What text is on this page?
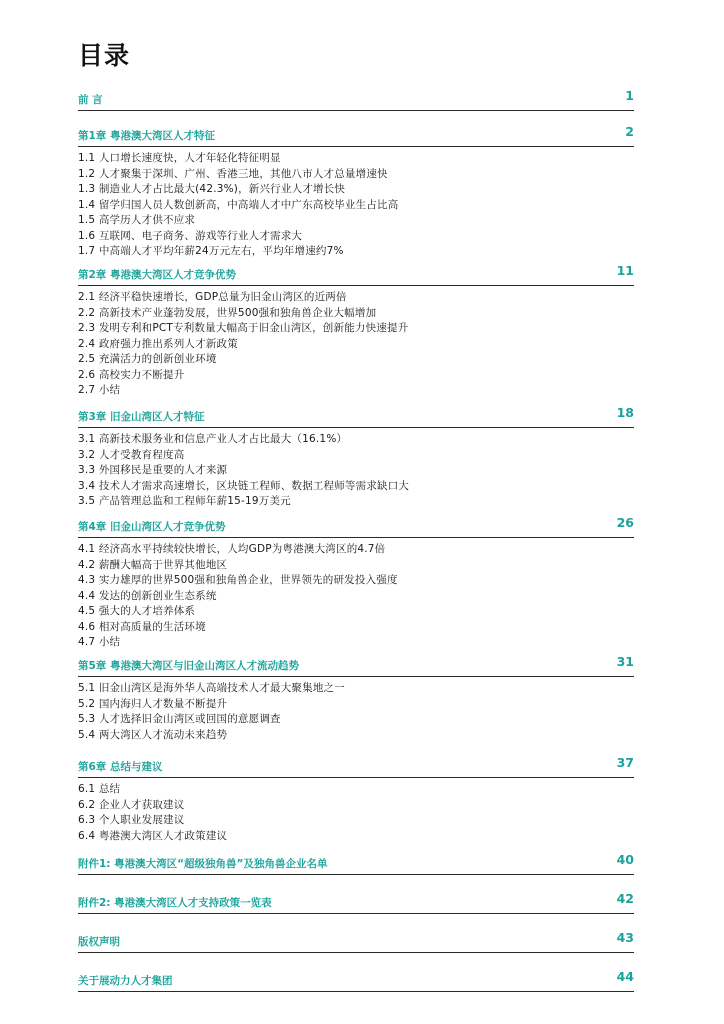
目录
前 言	1
第1章 粤港澳大湾区人才特征	2
1.1 人口增长速度快，人才年轻化特征明显
1.2 人才聚集于深圳、广州、香港三地，其他八市人才总量增速快
1.3 制造业人才占比最大(42.3%)，新兴行业人才增长快
1.4 留学归国人员人数创新高，中高端人才中广东高校毕业生占比高
1.5 高学历人才供不应求
1.6 互联网、电子商务、游戏等行业人才需求大
1.7 中高端人才平均年薪24万元左右，平均年增速约7%
第2章 粤港澳大湾区人才竞争优势	11
2.1 经济平稳快速增长，GDP总量为旧金山湾区的近两倍
2.2 高新技术产业蓬勃发展，世界500强和独角兽企业大幅增加
2.3 发明专利和PCT专利数量大幅高于旧金山湾区，创新能力快速提升
2.4 政府强力推出系列人才新政策
2.5 充满活力的创新创业环境
2.6 高校实力不断提升
2.7 小结
第3章 旧金山湾区人才特征	18
3.1 高新技术服务业和信息产业人才占比最大（16.1%）
3.2 人才受教育程度高
3.3 外国移民是重要的人才来源
3.4 技术人才需求高速增长，区块链工程师、数据工程师等需求缺口大
3.5 产品管理总监和工程师年薪15-19万美元
第4章 旧金山湾区人才竞争优势	26
4.1 经济高水平持续较快增长，人均GDP为粤港澳大湾区的4.7倍
4.2 薪酬大幅高于世界其他地区
4.3 实力雄厚的世界500强和独角兽企业，世界领先的研发投入强度
4.4 发达的创新创业生态系统
4.5 强大的人才培养体系
4.6 相对高质量的生活环境
4.7 小结
第5章 粤港澳大湾区与旧金山湾区人才流动趋势	31
5.1 旧金山湾区是海外华人高端技术人才最大聚集地之一
5.2 国内海归人才数量不断提升
5.3 人才选择旧金山湾区或回国的意愿调查
5.4 两大湾区人才流动未来趋势
第6章 总结与建议	37
6.1 总结
6.2 企业人才获取建议
6.3 个人职业发展建议
6.4 粤港澳大湾区人才政策建议
附件1: 粤港澳大湾区“超级独角兽”及独角兽企业名单	40
附件2: 粤港澳大湾区人才支持政策一览表	42
版权声明	43
关于展动力人才集团	44
